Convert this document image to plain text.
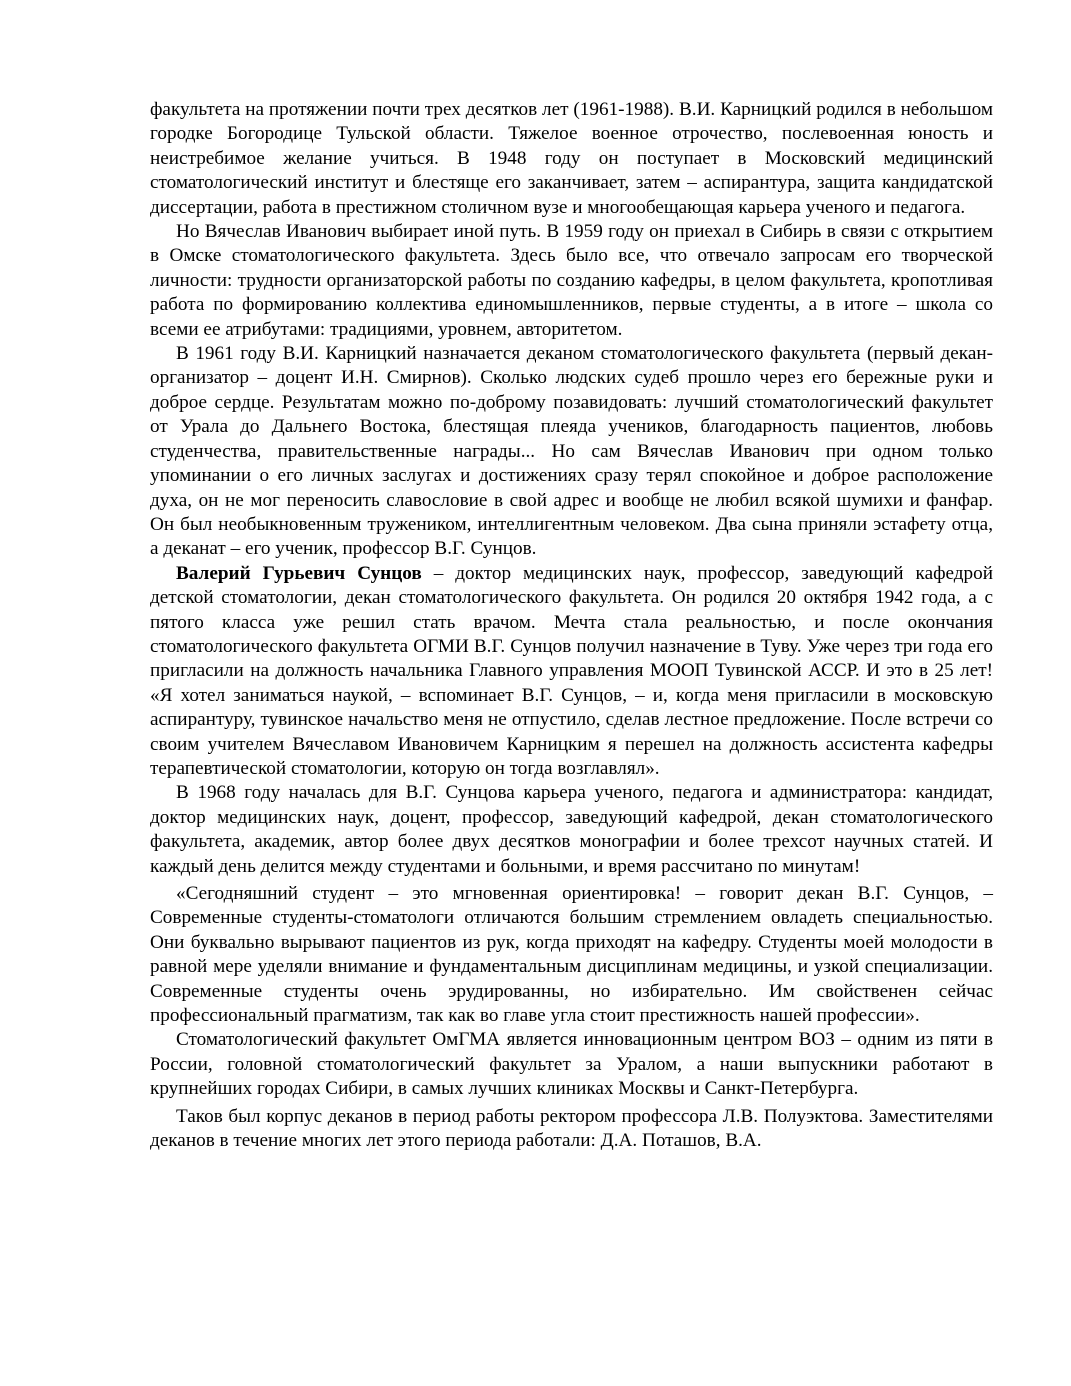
факультета на протяжении почти трех десятков лет (1961-1988). В.И. Карницкий родился в небольшом городке Богородице Тульской области. Тяжелое военное отрочество, послевоенная юность и неистребимое желание учиться. В 1948 году он поступает в Московский медицинский стоматологический институт и блестяще его заканчивает, затем – аспирантура, защита кандидатской диссертации, работа в престижном столичном вузе и многообещающая карьера ученого и педагога.

Но Вячеслав Иванович выбирает иной путь. В 1959 году он приехал в Сибирь в связи с открытием в Омске стоматологического факультета. Здесь было все, что отвечало запросам его творческой личности: трудности организаторской работы по созданию кафедры, в целом факультета, кропотливая работа по формированию коллектива единомышленников, первые студенты, а в итоге – школа со всеми ее атрибутами: традициями, уровнем, авторитетом.

В 1961 году В.И. Карницкий назначается деканом стоматологического факультета (первый декан-организатор – доцент И.Н. Смирнов). Сколько людских судеб прошло через его бережные руки и доброе сердце. Результатам можно по-доброму позавидовать: лучший стоматологический факультет от Урала до Дальнего Востока, блестящая плеяда учеников, благодарность пациентов, любовь студенчества, правительственные награды... Но сам Вячеслав Иванович при одном только упоминании о его личных заслугах и достижениях сразу терял спокойное и доброе расположение духа, он не мог переносить славословие в свой адрес и вообще не любил всякой шумихи и фанфар. Он был необыкновенным тружеником, интеллигентным человеком. Два сына приняли эстафету отца, а деканат – его ученик, профессор В.Г. Сунцов.

Валерий Гурьевич Сунцов – доктор медицинских наук, профессор, заведующий кафедрой детской стоматологии, декан стоматологического факультета. Он родился 20 октября 1942 года, а с пятого класса уже решил стать врачом. Мечта стала реальностью, и после окончания стоматологического факультета ОГМИ В.Г. Сунцов получил назначение в Туву. Уже через три года его пригласили на должность начальника Главного управления МООП Тувинской АССР. И это в 25 лет! «Я хотел заниматься наукой, – вспоминает В.Г. Сунцов, – и, когда меня пригласили в московскую аспирантуру, тувинское начальство меня не отпустило, сделав лестное предложение. После встречи со своим учителем Вячеславом Ивановичем Карницким я перешел на должность ассистента кафедры терапевтической стоматологии, которую он тогда возглавлял».

В 1968 году началась для В.Г. Сунцова карьера ученого, педагога и администратора: кандидат, доктор медицинских наук, доцент, профессор, заведующий кафедрой, декан стоматологического факультета, академик, автор более двух десятков монографии и более трехсот научных статей. И каждый день делится между студентами и больными, и время рассчитано по минутам!

«Сегодняшний студент – это мгновенная ориентировка! – говорит декан В.Г. Сунцов, – Современные студенты-стоматологи отличаются большим стремлением овладеть специальностью. Они буквально вырывают пациентов из рук, когда приходят на кафедру. Студенты моей молодости в равной мере уделяли внимание и фундаментальным дисциплинам медицины, и узкой специализации. Современные студенты очень эрудированны, но избирательно. Им свойственен сейчас профессиональный прагматизм, так как во главе угла стоит престижность нашей профессии».

Стоматологический факультет ОмГМА является инновационным центром ВОЗ – одним из пяти в России, головной стоматологический факультет за Уралом, а наши выпускники работают в крупнейших городах Сибири, в самых лучших клиниках Москвы и Санкт-Петербурга.

Таков был корпус деканов в период работы ректором профессора Л.В. Полуэктова. Заместителями деканов в течение многих лет этого периода работали: Д.А. Поташов, В.А.
